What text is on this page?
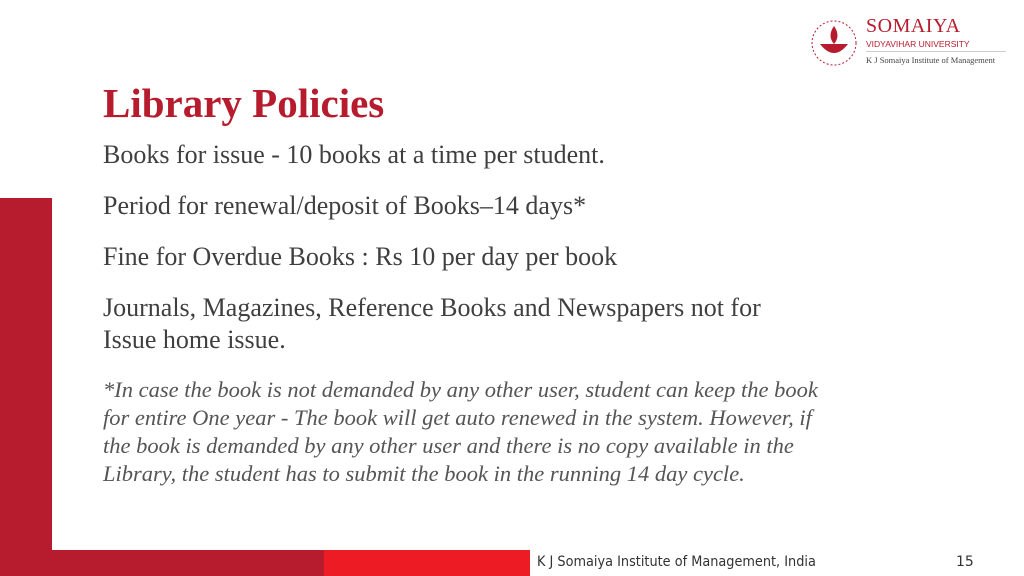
SOMAIYA
VIDYAVIHAR UNIVERSITY
K J Somaiya Institute of Management
Library Policies
Books for issue - 10 books at a time per student.
Period for renewal/deposit of Books–14 days*
Fine for Overdue Books : Rs 10 per day per book
Journals, Magazines, Reference Books and Newspapers not for
Issue home issue.
*In case the book is not demanded by any other user, student can keep the book
for entire One year - The book will get auto renewed in the system. However, if
the book is demanded by any other user and there is no copy available in the
Library, the student has to submit the book in the running 14 day cycle.
K J Somaiya Institute of Management, India	15
